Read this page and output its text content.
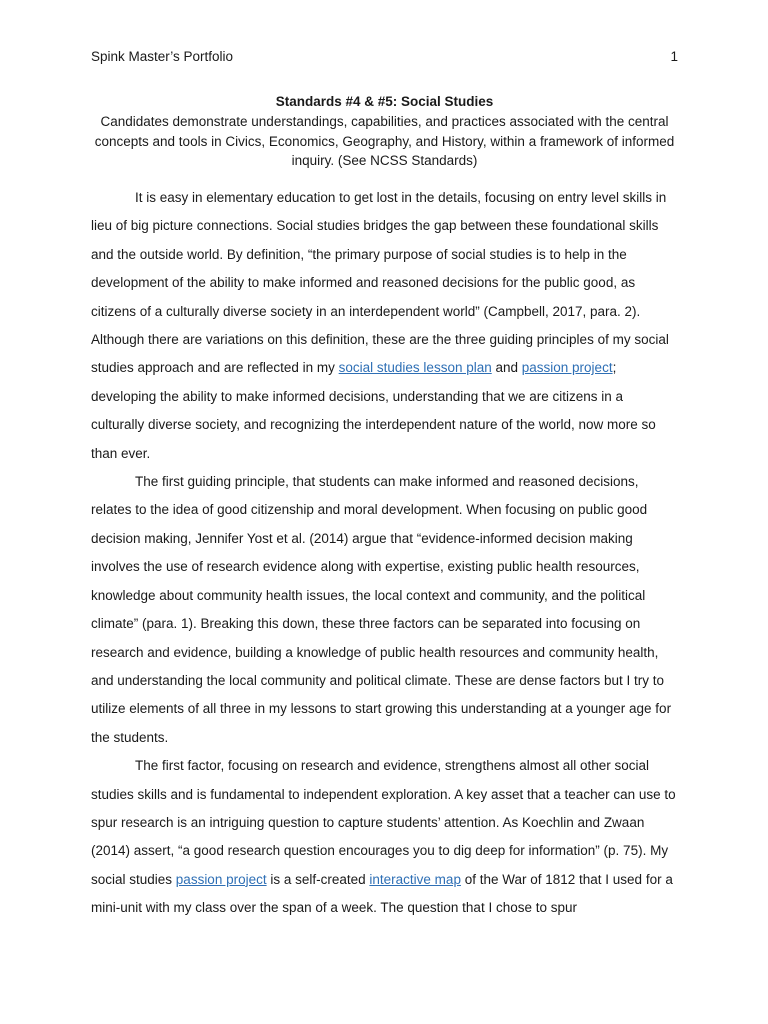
Spink Master’s Portfolio	1
Standards #4 & #5: Social Studies
Candidates demonstrate understandings, capabilities, and practices associated with the central concepts and tools in Civics, Economics, Geography, and History, within a framework of informed inquiry. (See NCSS Standards)

It is easy in elementary education to get lost in the details, focusing on entry level skills in lieu of big picture connections. Social studies bridges the gap between these foundational skills and the outside world. By definition, “the primary purpose of social studies is to help in the development of the ability to make informed and reasoned decisions for the public good, as citizens of a culturally diverse society in an interdependent world” (Campbell, 2017, para. 2). Although there are variations on this definition, these are the three guiding principles of my social studies approach and are reflected in my social studies lesson plan and passion project; developing the ability to make informed decisions, understanding that we are citizens in a culturally diverse society, and recognizing the interdependent nature of the world, now more so than ever.

The first guiding principle, that students can make informed and reasoned decisions, relates to the idea of good citizenship and moral development. When focusing on public good decision making, Jennifer Yost et al. (2014) argue that “evidence-informed decision making involves the use of research evidence along with expertise, existing public health resources, knowledge about community health issues, the local context and community, and the political climate” (para. 1). Breaking this down, these three factors can be separated into focusing on research and evidence, building a knowledge of public health resources and community health, and understanding the local community and political climate. These are dense factors but I try to utilize elements of all three in my lessons to start growing this understanding at a younger age for the students.

The first factor, focusing on research and evidence, strengthens almost all other social studies skills and is fundamental to independent exploration. A key asset that a teacher can use to spur research is an intriguing question to capture students’ attention. As Koechlin and Zwaan (2014) assert, “a good research question encourages you to dig deep for information” (p. 75). My social studies passion project is a self-created interactive map of the War of 1812 that I used for a mini-unit with my class over the span of a week. The question that I chose to spur
